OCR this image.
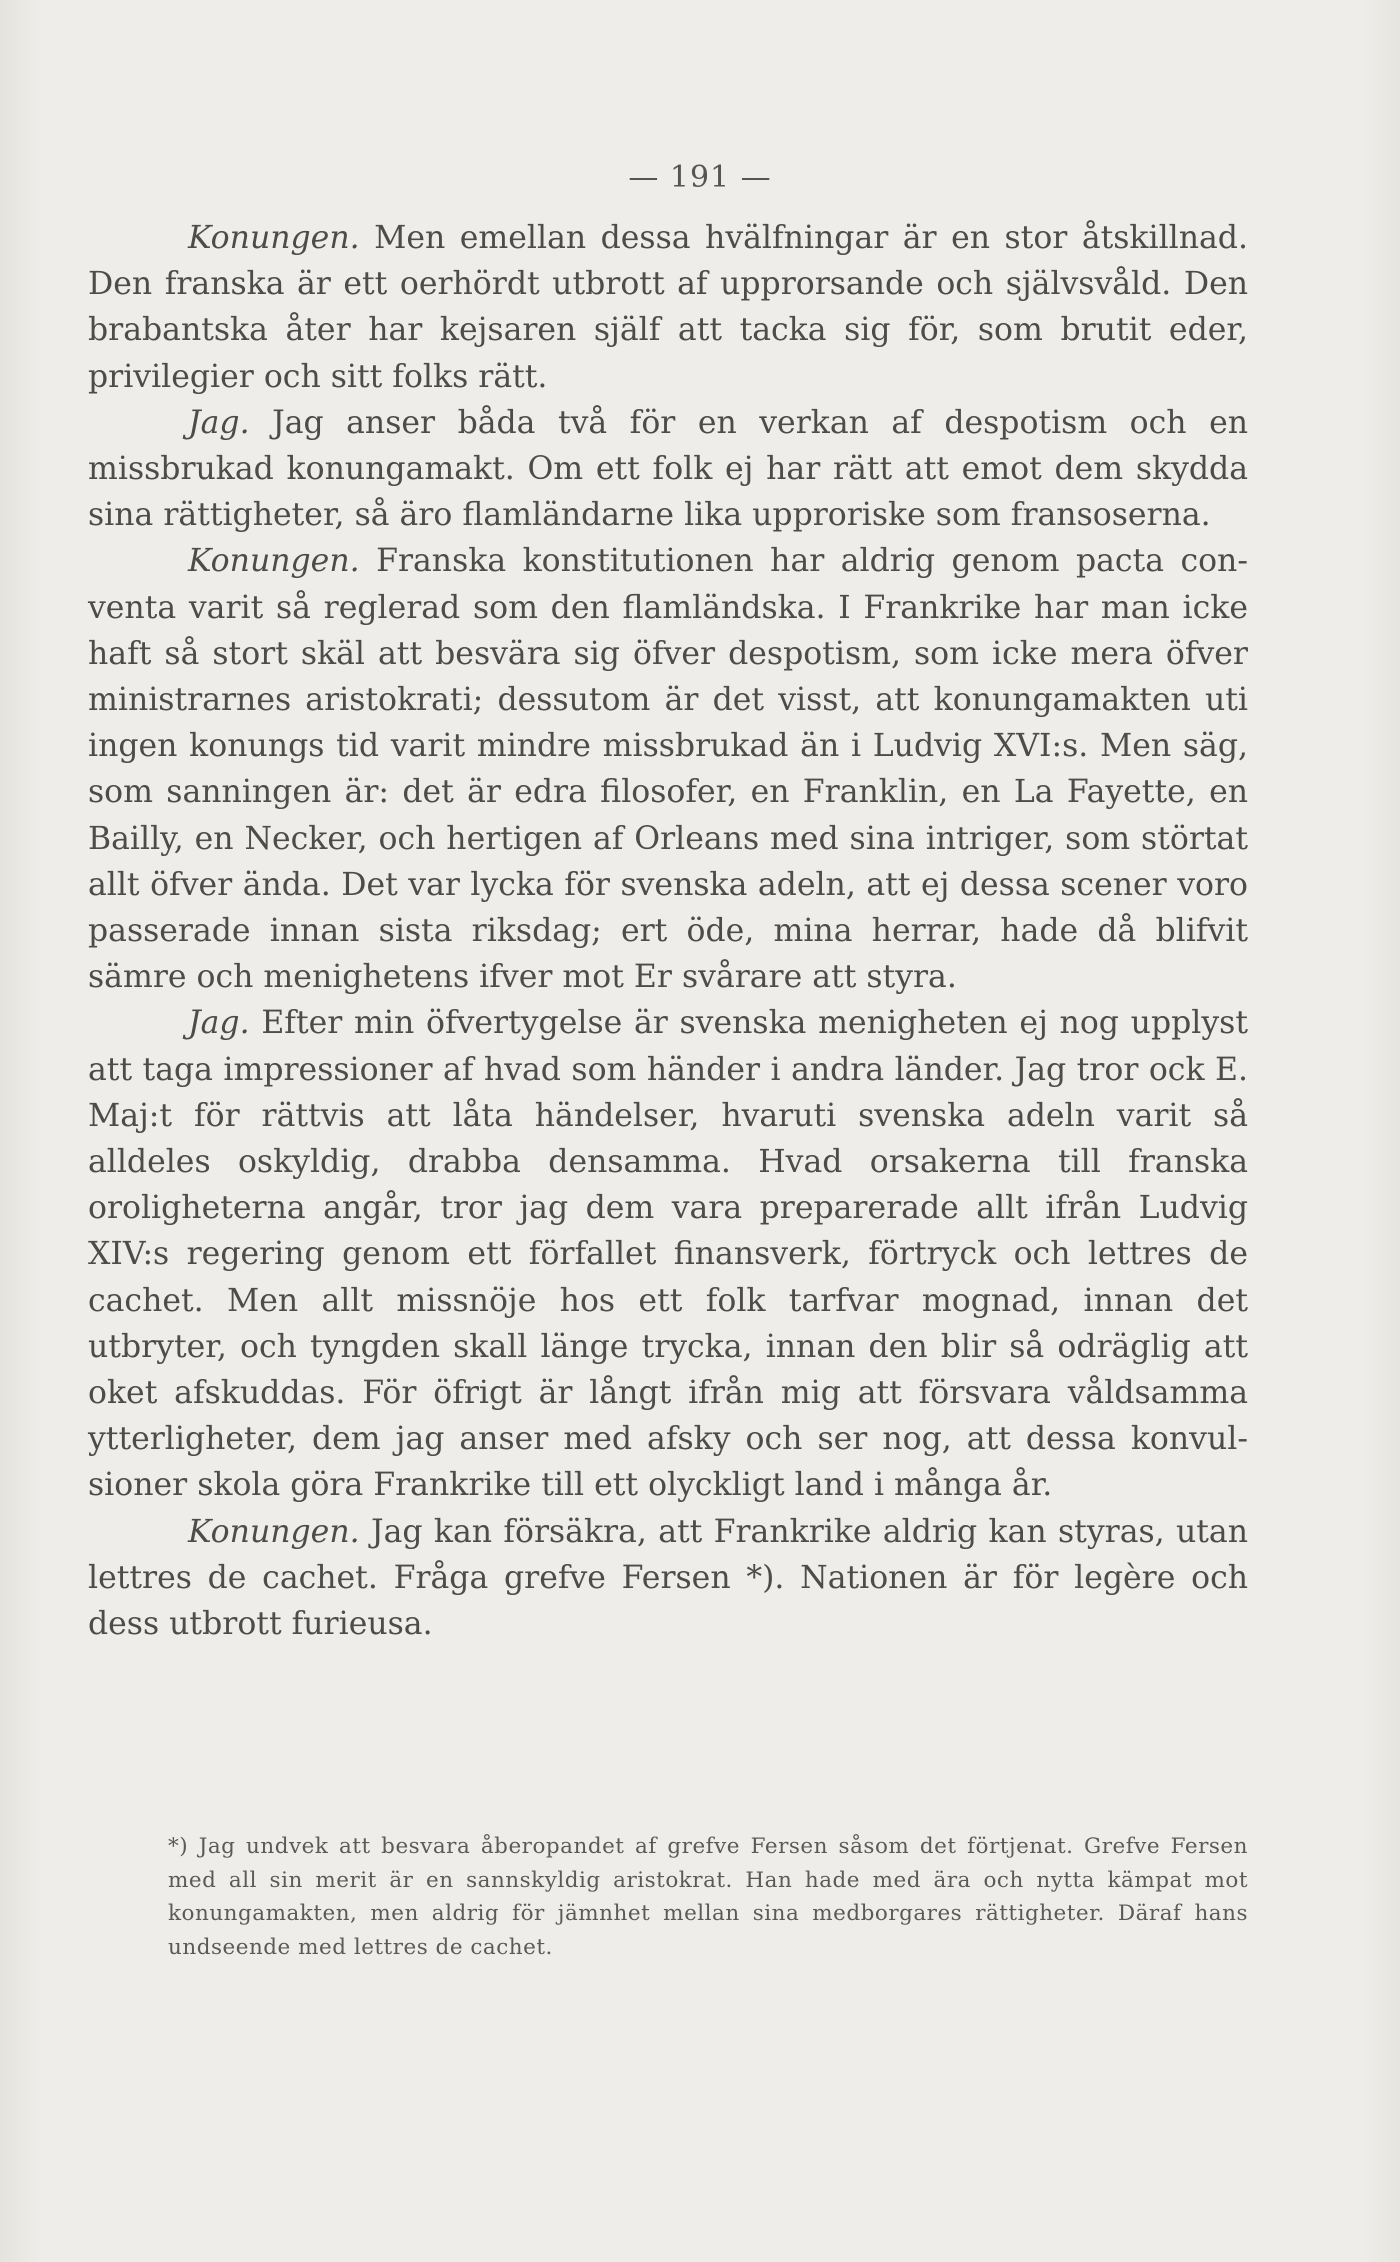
— 191 —

Konungen. Men emellan dessa hvälfningar är en stor åtskillnad. Den franska är ett oerhördt utbrott af upprorsande och självsvåld. Den brabantska åter har kejsaren själf att tacka sig för, som brutit eder, privilegier och sitt folks rätt.

Jag. Jag anser båda två för en verkan af despotism och en missbrukad konungamakt. Om ett folk ej har rätt att emot dem skydda sina rättigheter, så äro flamländarne lika upproriske som fransoserna.

Konungen. Franska konstitutionen har aldrig genom pacta conventa varit så reglerad som den flamländska. I Frankrike har man icke haft så stort skäl att besvära sig öfver despotism, som icke mera öfver ministrarnes aristokrati; dessutom är det visst, att konungamakten uti ingen konungs tid varit mindre missbrukad än i Ludvig XVI:s. Men säg, som sanningen är: det är edra filosofer, en Franklin, en La Fayette, en Bailly, en Necker, och hertigen af Orleans med sina intriger, som störtat allt öfver ända. Det var lycka för svenska adeln, att ej dessa scener voro passerade innan sista riksdag; ert öde, mina herrar, hade då blifvit sämre och menighetens ifver mot Er svårare att styra.

Jag. Efter min öfvertygelse är svenska menigheten ej nog upplyst att taga impressioner af hvad som händer i andra länder. Jag tror ock E. Maj:t för rättvis att låta händelser, hvaruti svenska adeln varit så alldeles oskyldig, drabba densamma. Hvad orsakerna till franska oroligheterna angår, tror jag dem vara prepareradе allt ifrån Ludvig XIV:s regering genom ett förfallet finansverk, förtryck och lettres de cachet. Men allt missnöje hos ett folk tarfvar mognad, innan det utbryter, och tyngden skall länge trycka, innan den blir så odräglig att oket afskuddas. För öfrigt är långt ifrån mig att försvara våldsamma ytterligheter, dem jag anser med afsky och ser nog, att dessa konvulsioner skola göra Frankrike till ett olyckligt land i många år.

Konungen. Jag kan försäkra, att Frankrike aldrig kan styras, utan lettres de cachet. Fråga grefve Fersen *). Nationen är för legère och dess utbrott furieusa.

*) Jag undvek att besvara åberopandet af grefve Fersen såsom det förtjenat. Grefve Fersen med all sin merit är en sannskyldig aristokrat. Han hade med ära och nytta kämpat mot konungamakten, men aldrig för jämnhet mellan sina medborgares rättigheter. Däraf hans undseende med lettres de cachet.
